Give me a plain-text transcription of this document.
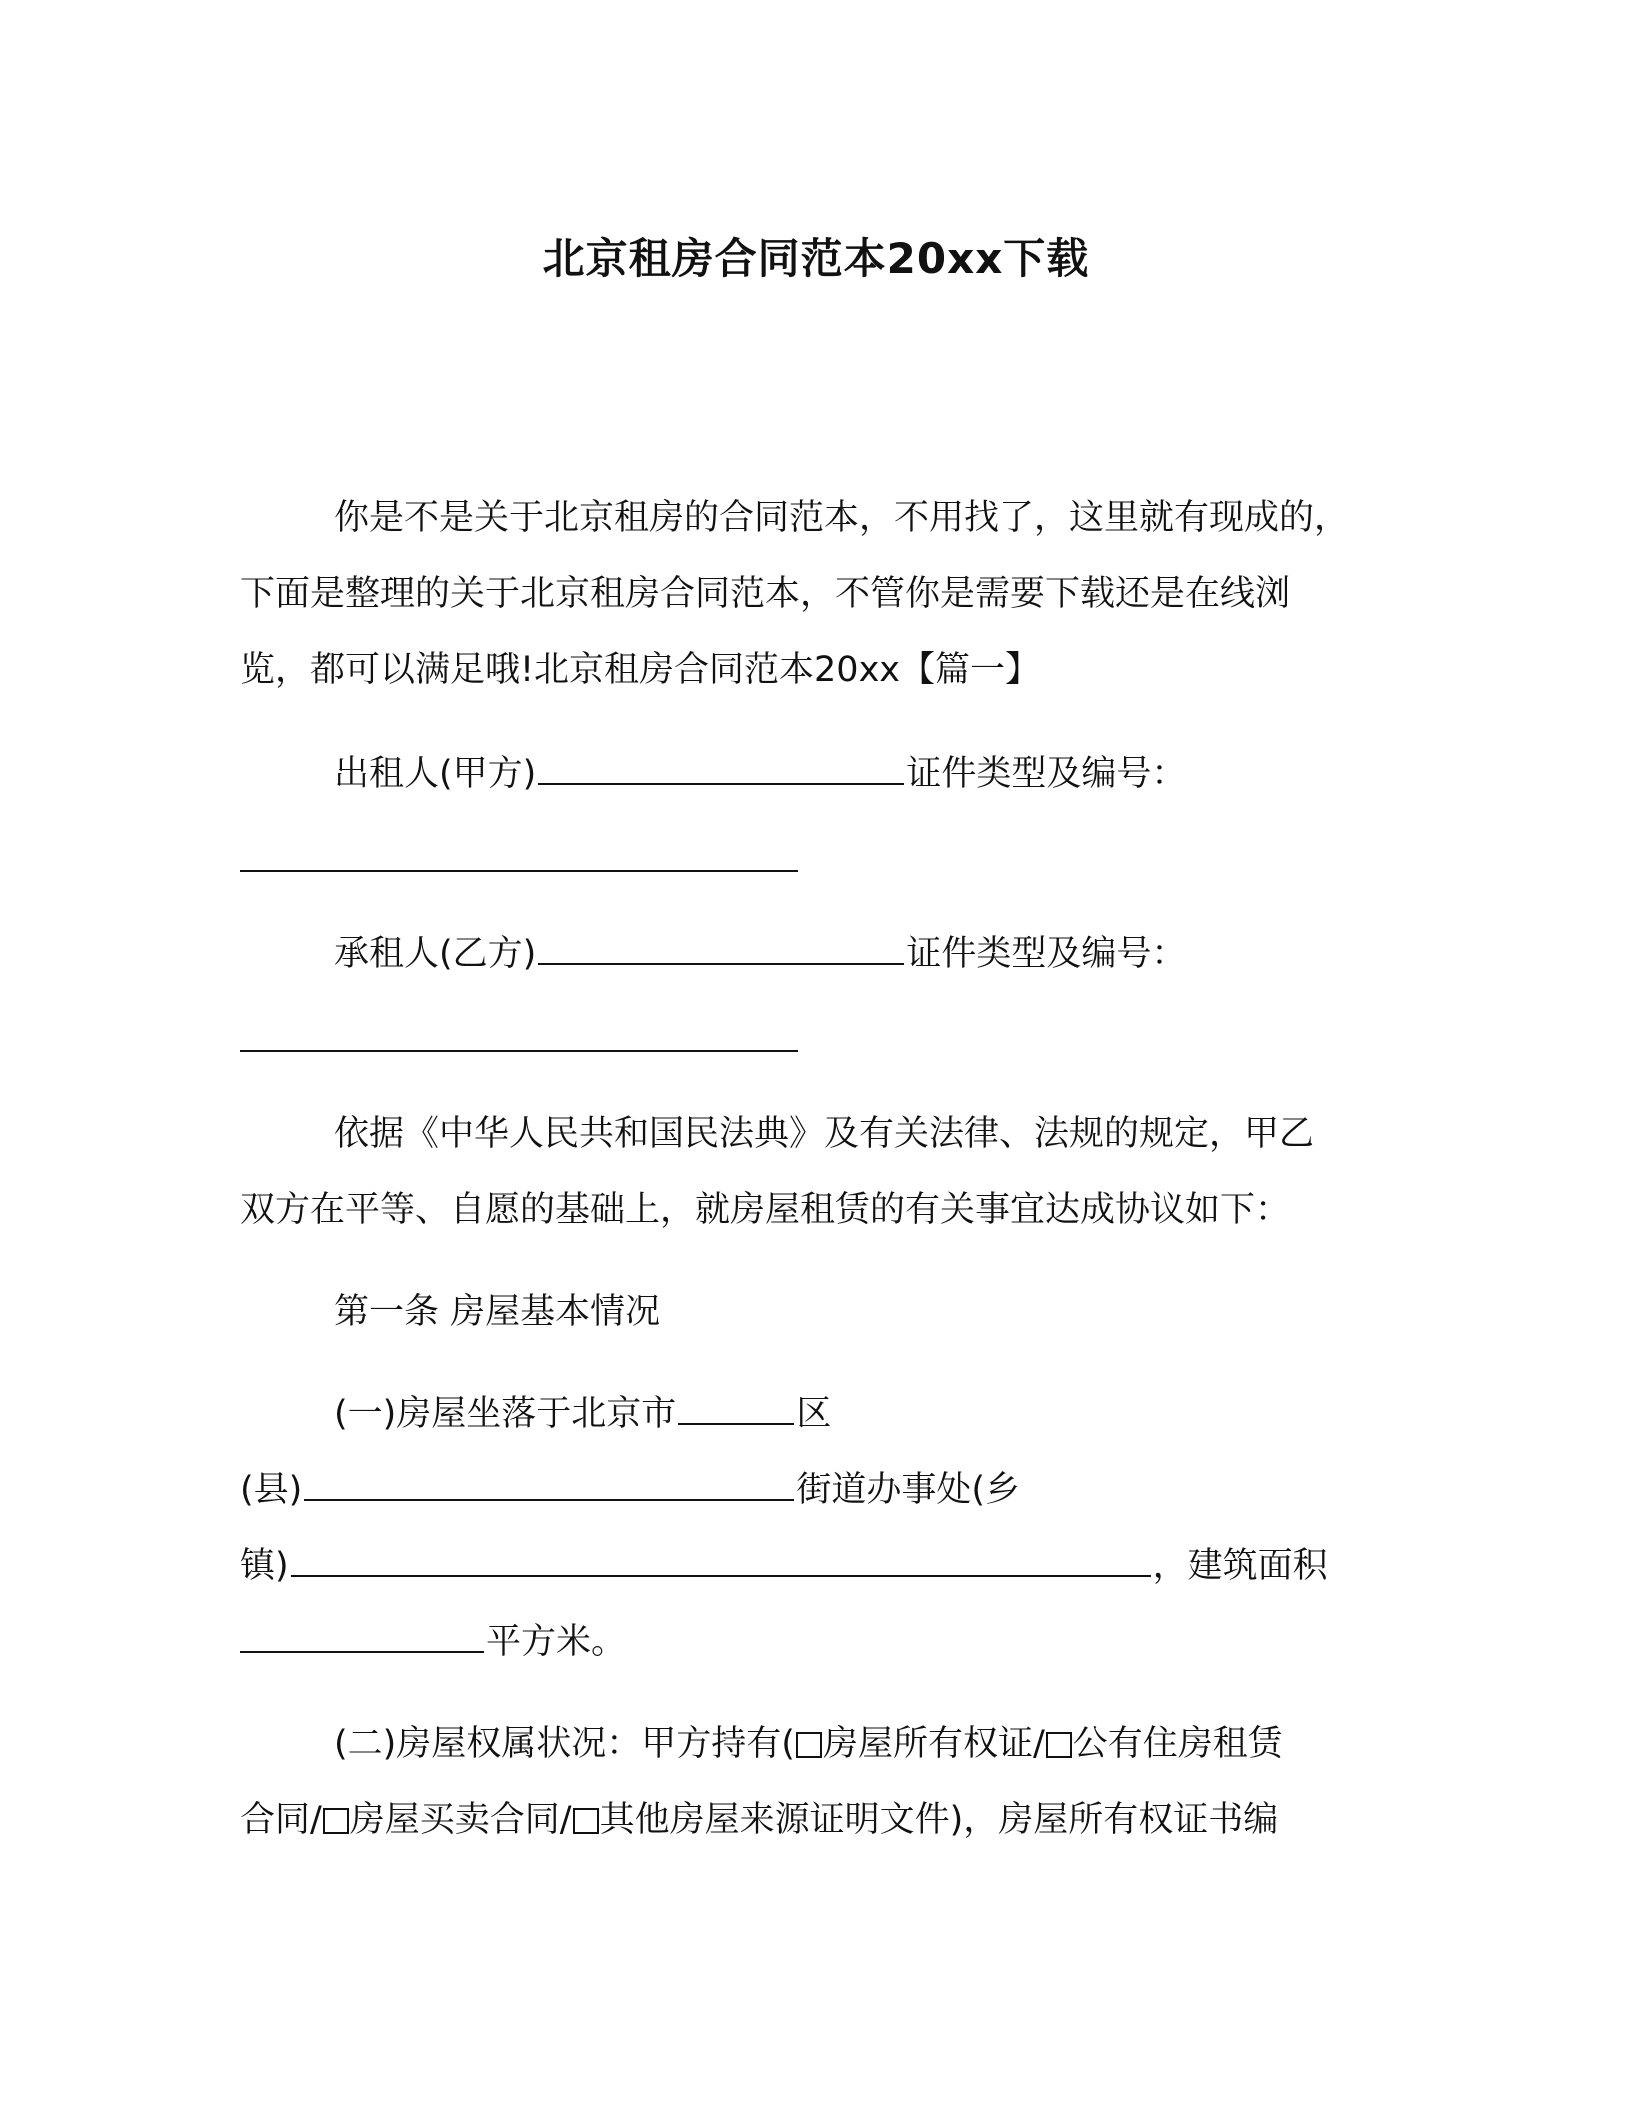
北京租房合同范本20xx下载
你是不是关于北京租房的合同范本，不用找了，这里就有现成的，
下面是整理的关于北京租房合同范本，不管你是需要下载还是在线浏
览，都可以满足哦!北京租房合同范本20xx【篇一】
出租人(甲方)	证件类型及编号：
承租人(乙方)	证件类型及编号：
依据《中华人民共和国民法典》及有关法律、法规的规定，甲乙
双方在平等、自愿的基础上，就房屋租赁的有关事宜达成协议如下：
第一条 房屋基本情况
(一)房屋坐落于北京市	区
(县)	街道办事处(乡
镇)	，建筑面积
平方米。
(二)房屋权属状况：甲方持有( 房屋所有权证/ 公有住房租赁
合同/ 房屋买卖合同/ 其他房屋来源证明文件)，房屋所有权证书编
